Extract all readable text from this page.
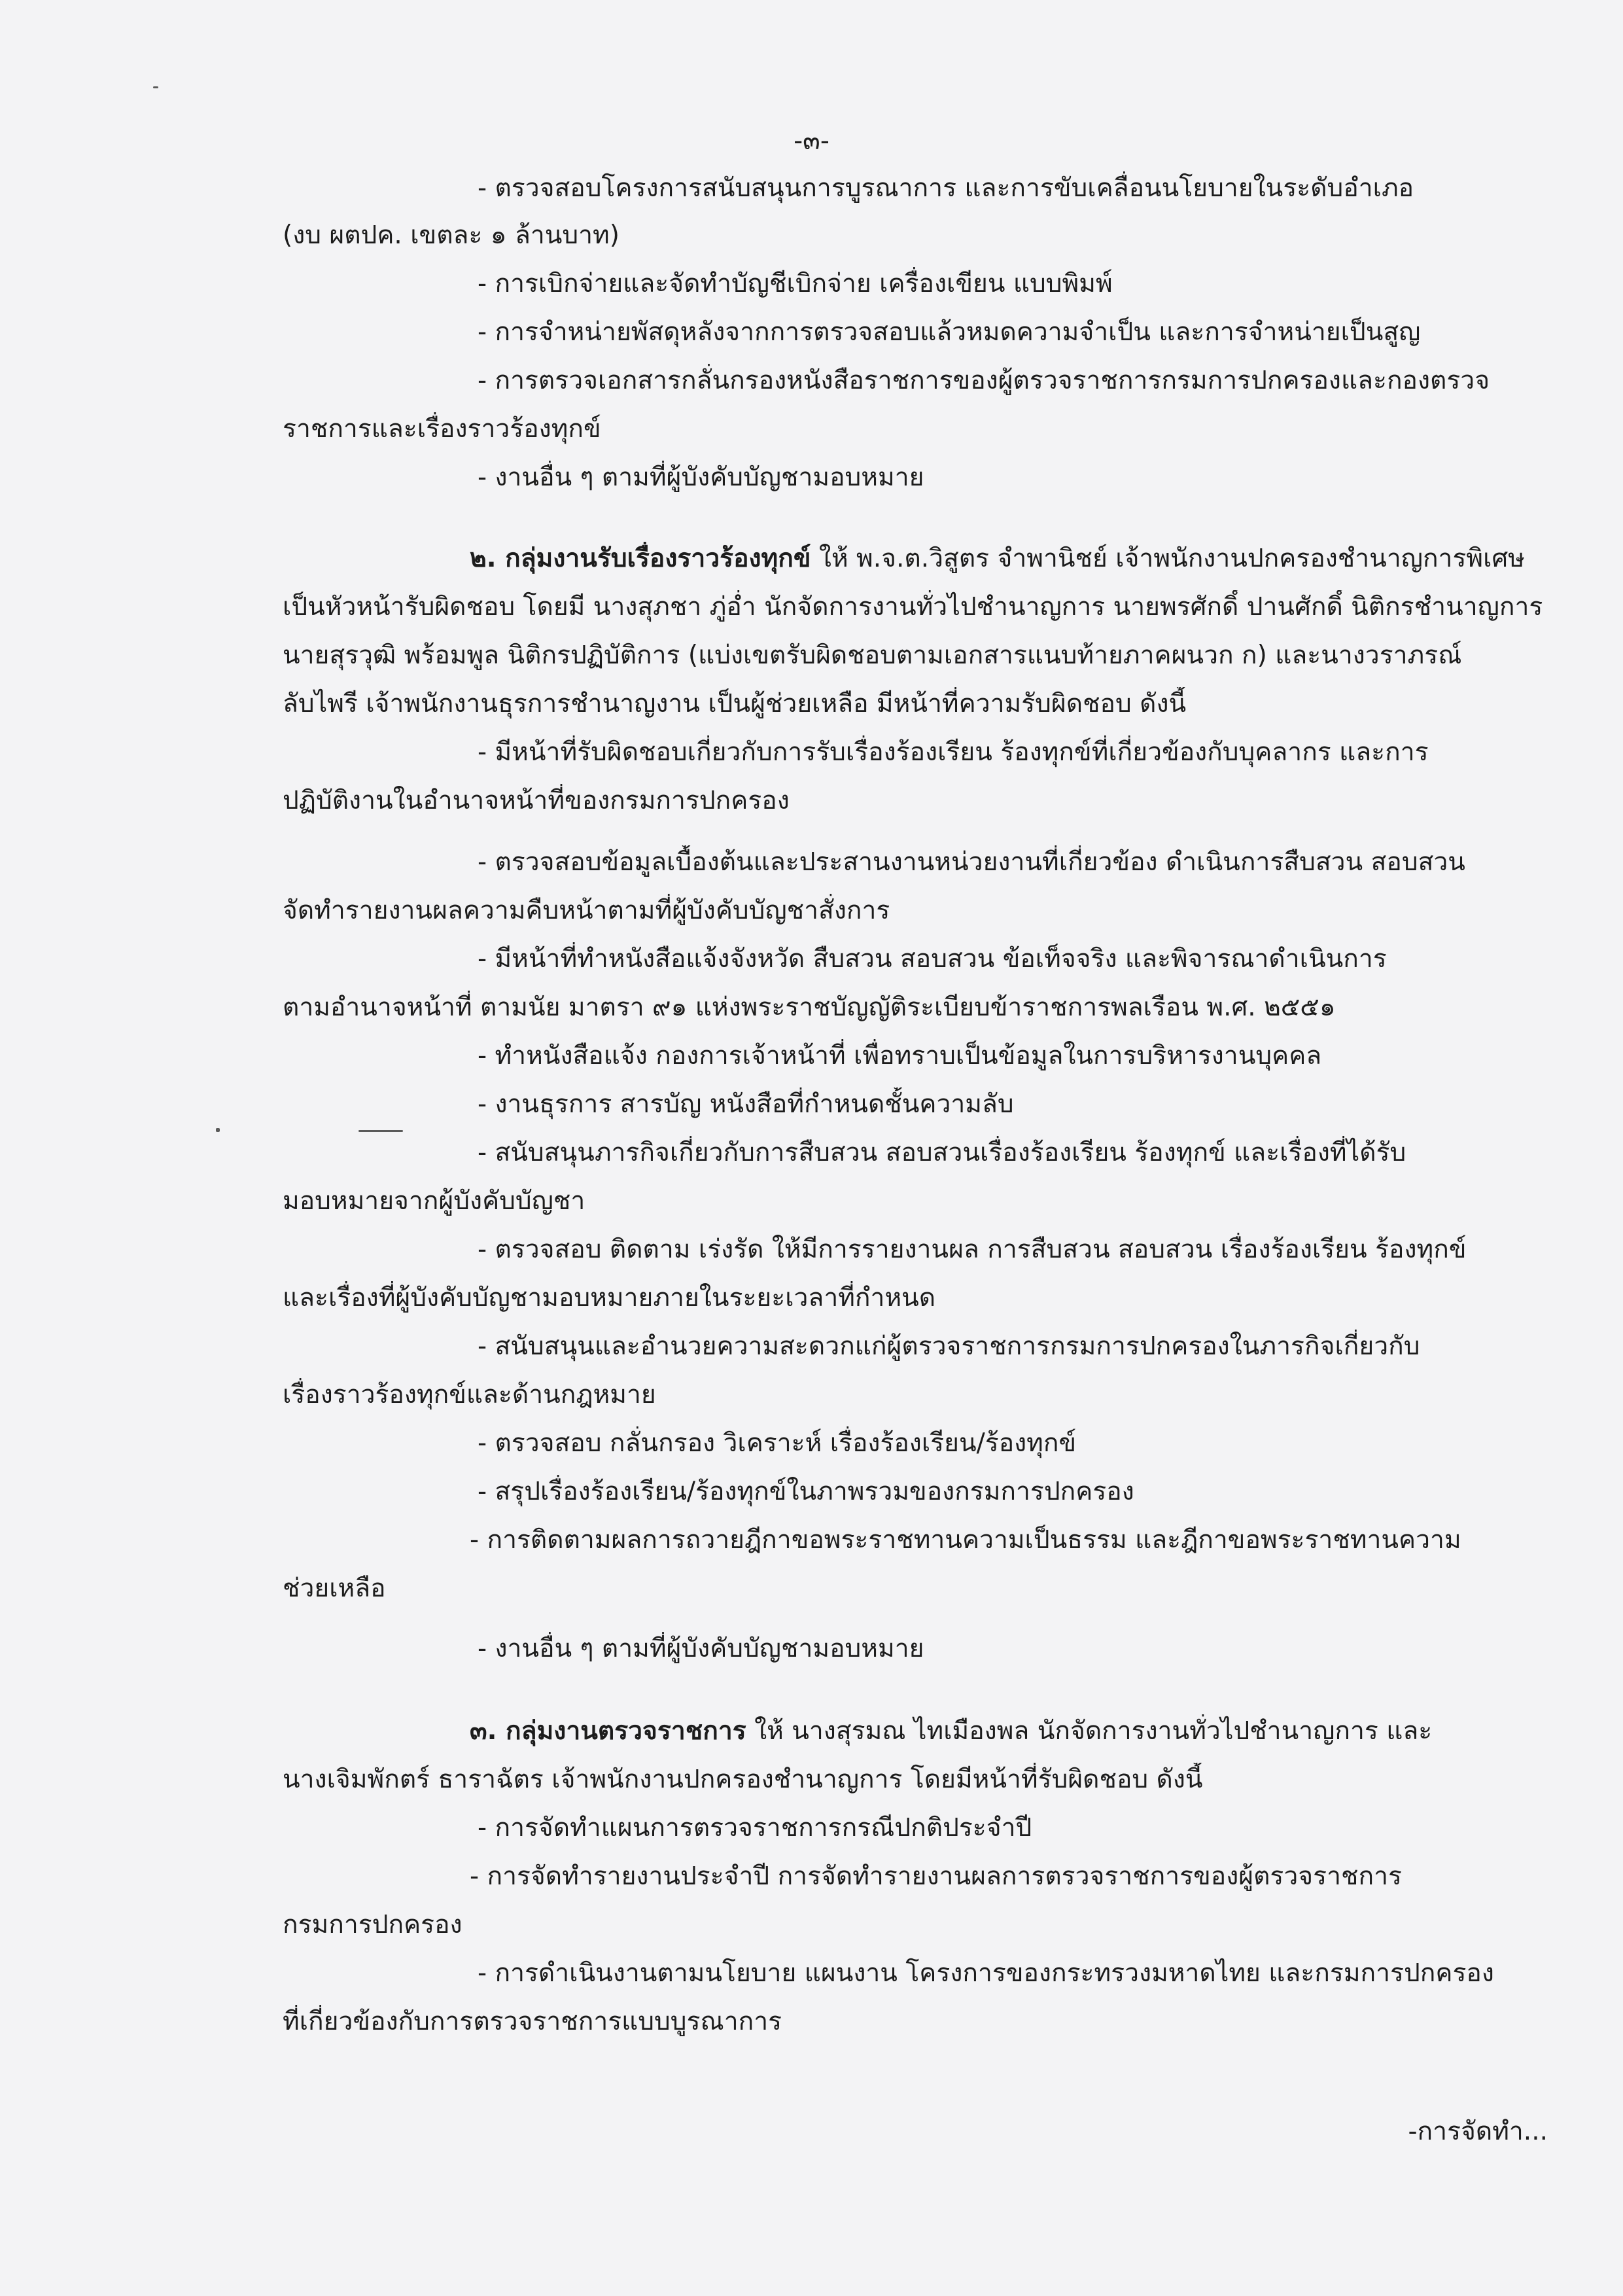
-๓-
- ตรวจสอบโครงการสนับสนุนการบูรณาการ และการขับเคลื่อนนโยบายในระดับอำเภอ
(งบ ผตปค. เขตละ ๑ ล้านบาท)
- การเบิกจ่ายและจัดทำบัญชีเบิกจ่าย เครื่องเขียน แบบพิมพ์
- การจำหน่ายพัสดุหลังจากการตรวจสอบแล้วหมดความจำเป็น และการจำหน่ายเป็นสูญ
- การตรวจเอกสารกลั่นกรองหนังสือราชการของผู้ตรวจราชการกรมการปกครองและกองตรวจ
ราชการและเรื่องราวร้องทุกข์
- งานอื่น ๆ ตามที่ผู้บังคับบัญชามอบหมาย
๒. กลุ่มงานรับเรื่องราวร้องทุกข์ ให้ พ.จ.ต.วิสูตร จำพานิชย์ เจ้าพนักงานปกครองชำนาญการพิเศษ
เป็นหัวหน้ารับผิดชอบ โดยมี นางสุภชา ภู่อ่ำ นักจัดการงานทั่วไปชำนาญการ นายพรศักดิ์ ปานศักดิ์ นิติกรชำนาญการ
นายสุรวุฒิ พร้อมพูล นิติกรปฏิบัติการ (แบ่งเขตรับผิดชอบตามเอกสารแนบท้ายภาคผนวก ก) และนางวราภรณ์
ลับไพรี เจ้าพนักงานธุรการชำนาญงาน เป็นผู้ช่วยเหลือ มีหน้าที่ความรับผิดชอบ ดังนี้
- มีหน้าที่รับผิดชอบเกี่ยวกับการรับเรื่องร้องเรียน ร้องทุกข์ที่เกี่ยวข้องกับบุคลากร และการ
ปฏิบัติงานในอำนาจหน้าที่ของกรมการปกครอง
- ตรวจสอบข้อมูลเบื้องต้นและประสานงานหน่วยงานที่เกี่ยวข้อง ดำเนินการสืบสวน สอบสวน
จัดทำรายงานผลความคืบหน้าตามที่ผู้บังคับบัญชาสั่งการ
- มีหน้าที่ทำหนังสือแจ้งจังหวัด สืบสวน สอบสวน ข้อเท็จจริง และพิจารณาดำเนินการ
ตามอำนาจหน้าที่ ตามนัย มาตรา ๙๑ แห่งพระราชบัญญัติระเบียบข้าราชการพลเรือน พ.ศ. ๒๕๕๑
- ทำหนังสือแจ้ง กองการเจ้าหน้าที่ เพื่อทราบเป็นข้อมูลในการบริหารงานบุคคล
- งานธุรการ สารบัญ หนังสือที่กำหนดชั้นความลับ
- สนับสนุนภารกิจเกี่ยวกับการสืบสวน สอบสวนเรื่องร้องเรียน ร้องทุกข์ และเรื่องที่ได้รับ
มอบหมายจากผู้บังคับบัญชา
- ตรวจสอบ ติดตาม เร่งรัด ให้มีการรายงานผล การสืบสวน สอบสวน เรื่องร้องเรียน ร้องทุกข์
และเรื่องที่ผู้บังคับบัญชามอบหมายภายในระยะเวลาที่กำหนด
- สนับสนุนและอำนวยความสะดวกแก่ผู้ตรวจราชการกรมการปกครองในภารกิจเกี่ยวกับ
เรื่องราวร้องทุกข์และด้านกฎหมาย
- ตรวจสอบ กลั่นกรอง วิเคราะห์ เรื่องร้องเรียน/ร้องทุกข์
- สรุปเรื่องร้องเรียน/ร้องทุกข์ในภาพรวมของกรมการปกครอง
- การติดตามผลการถวายฎีกาขอพระราชทานความเป็นธรรม และฎีกาขอพระราชทานความ
ช่วยเหลือ
- งานอื่น ๆ ตามที่ผู้บังคับบัญชามอบหมาย
๓. กลุ่มงานตรวจราชการ ให้ นางสุรมณ ไทเมืองพล นักจัดการงานทั่วไปชำนาญการ และ
นางเจิมพักตร์ ธาราฉัตร เจ้าพนักงานปกครองชำนาญการ โดยมีหน้าที่รับผิดชอบ ดังนี้
- การจัดทำแผนการตรวจราชการกรณีปกติประจำปี
- การจัดทำรายงานประจำปี การจัดทำรายงานผลการตรวจราชการของผู้ตรวจราชการ
กรมการปกครอง
- การดำเนินงานตามนโยบาย แผนงาน โครงการของกระทรวงมหาดไทย และกรมการปกครอง
ที่เกี่ยวข้องกับการตรวจราชการแบบบูรณาการ
-การจัดทำ...
